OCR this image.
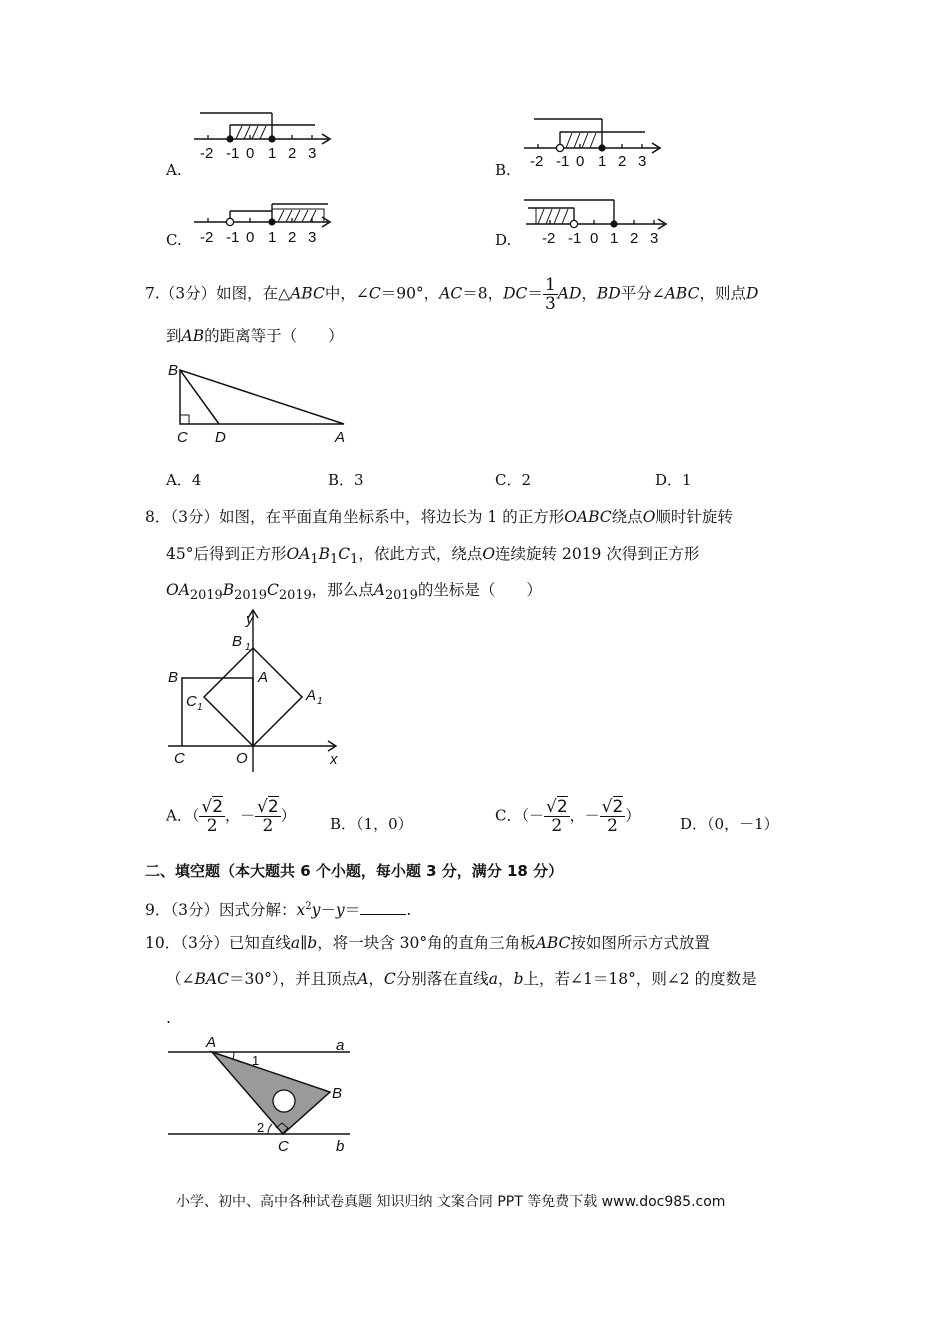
A.
-2 -1 0 1 2 3
B. -2 -1 0 1 2 3
C. -2 -1 0 1 2 3	D. -2 -1 0 1 2 3
7.（3分）如图，在△ABC中，∠C＝90°，AC＝8，$DC= \frac{1}{3}$ AD，BD平分∠ABC，则点D
到AB的距离等于（　　）
B
C D	A
A．4	B．3	C．2	D．1
8．（3分）如图，在平面直角坐标系中，将边长为 1 的正方形OABC绕点O顺时针旋转
45°后得到正方形$OA_1B_1C_1$，依此方式，绕点O连续旋转 2019 次得到正方形
$OA_{2019}B_{2019}C_{2019}$，那么点$A_{2019}$的坐标是（　　）
y
x
B 1
A
B
C 1
A 1
C	O
A．（ $\frac{√2}{2}$ ，－ $\frac{√2}{2}$ ） B．（1，0）	C．（－ $\frac{√2}{2}$ ，－ $\frac{√2}{2}$ ）	D．（0，－1）
二、填空题（本大题共 6 个小题，每小题 3 分，满分 18 分）
9．（3分）因式分解：$x^2y-y=$	.
10．（3分）已知直线a∥b，将一块含 30°角的直角三角板ABC按如图所示方式放置
（∠BAC＝30°），并且顶点A，C分别落在直线a，b上，若∠1＝18°，则∠2 的度数是
.
A	a
B
C	b
1
2
小学、初中、高中各种试卷真题 知识归纳 文案合同 PPT 等免费下载 www.doc985.com
